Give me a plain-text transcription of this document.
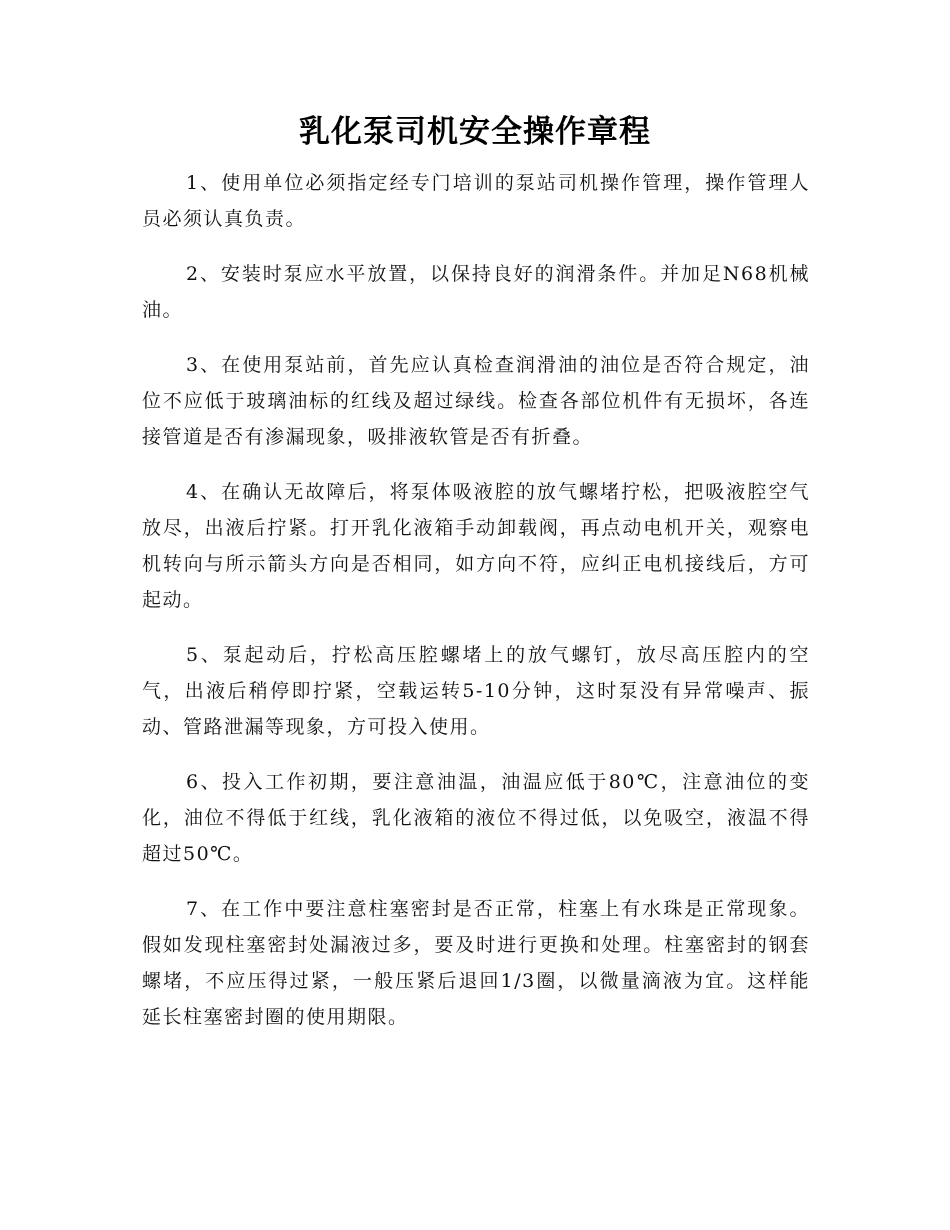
乳化泵司机安全操作章程

1、使用单位必须指定经专门培训的泵站司机操作管理，操作管理人员必须认真负责。

2、安装时泵应水平放置，以保持良好的润滑条件。并加足N68机械油。

3、在使用泵站前，首先应认真检查润滑油的油位是否符合规定，油位不应低于玻璃油标的红线及超过绿线。检查各部位机件有无损坏，各连接管道是否有渗漏现象，吸排液软管是否有折叠。

4、在确认无故障后，将泵体吸液腔的放气螺堵拧松，把吸液腔空气放尽，出液后拧紧。打开乳化液箱手动卸载阀，再点动电机开关，观察电机转向与所示箭头方向是否相同，如方向不符，应纠正电机接线后，方可起动。

5、泵起动后，拧松高压腔螺堵上的放气螺钉，放尽高压腔内的空气，出液后稍停即拧紧，空载运转5-10分钟，这时泵没有异常噪声、振动、管路泄漏等现象，方可投入使用。

6、投入工作初期，要注意油温，油温应低于80℃，注意油位的变化，油位不得低于红线，乳化液箱的液位不得过低，以免吸空，液温不得超过50℃。

7、在工作中要注意柱塞密封是否正常，柱塞上有水珠是正常现象。假如发现柱塞密封处漏液过多，要及时进行更换和处理。柱塞密封的钢套螺堵，不应压得过紧，一般压紧后退回1/3圈，以微量滴液为宜。这样能延长柱塞密封圈的使用期限。
